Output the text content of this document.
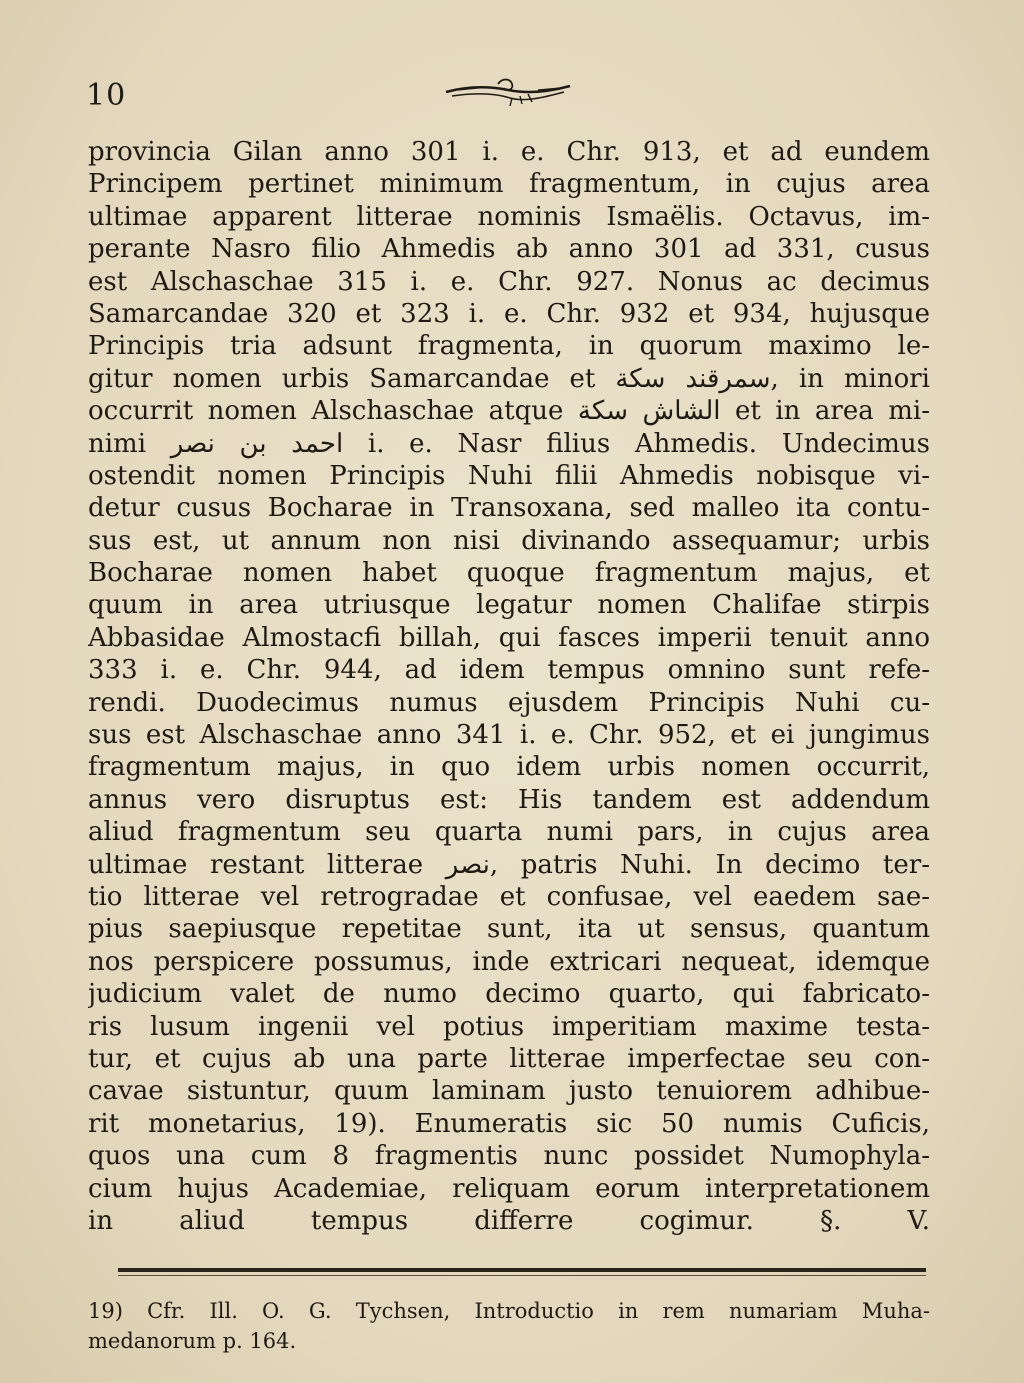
10
provincia Gilan anno 301 i. e. Chr. 913, et ad eundem
Principem pertinet minimum fragmentum, in cujus area
ultimae apparent litterae nominis Ismaëlis. Octavus, im-
perante Nasro filio Ahmedis ab anno 301 ad 331, cusus
est Alschaschae 315 i. e. Chr. 927. Nonus ac decimus
Samarcandae 320 et 323 i. e. Chr. 932 et 934, hujusque
Principis tria adsunt fragmenta, in quorum maximo le-
gitur nomen urbis Samarcandae et سمرقند سكة, in minori
occurrit nomen Alschaschae atque الشاش سكة et in area mi-
nimi احمد بن نصر i. e. Nasr filius Ahmedis. Undecimus
ostendit nomen Principis Nuhi filii Ahmedis nobisque vi-
detur cusus Bocharae in Transoxana, sed malleo ita contu-
sus est, ut annum non nisi divinando assequamur; urbis
Bocharae nomen habet quoque fragmentum majus, et
quum in area utriusque legatur nomen Chalifae stirpis
Abbasidae Almostacfi billah, qui fasces imperii tenuit anno
333 i. e. Chr. 944, ad idem tempus omnino sunt refe-
rendi. Duodecimus numus ejusdem Principis Nuhi cu-
sus est Alschaschae anno 341 i. e. Chr. 952, et ei jungimus
fragmentum majus, in quo idem urbis nomen occurrit,
annus vero disruptus est: His tandem est addendum
aliud fragmentum seu quarta numi pars, in cujus area
ultimae restant litterae نصر, patris Nuhi. In decimo ter-
tio litterae vel retrogradae et confusae, vel eaedem sae-
pius saepiusque repetitae sunt, ita ut sensus, quantum
nos perspicere possumus, inde extricari nequeat, idemque
judicium valet de numo decimo quarto, qui fabricato-
ris lusum ingenii vel potius imperitiam maxime testa-
tur, et cujus ab una parte litterae imperfectae seu con-
cavae sistuntur, quum laminam justo tenuiorem adhibue-
rit monetarius, 19). Enumeratis sic 50 numis Cuficis,
quos una cum 8 fragmentis nunc possidet Numophyla-
cium hujus Academiae, reliquam eorum interpretationem
in aliud tempus differre cogimur. §. V.
19) Cfr. Ill. O. G. Tychsen, Introductio in rem numariam Muha-
medanorum p. 164.
